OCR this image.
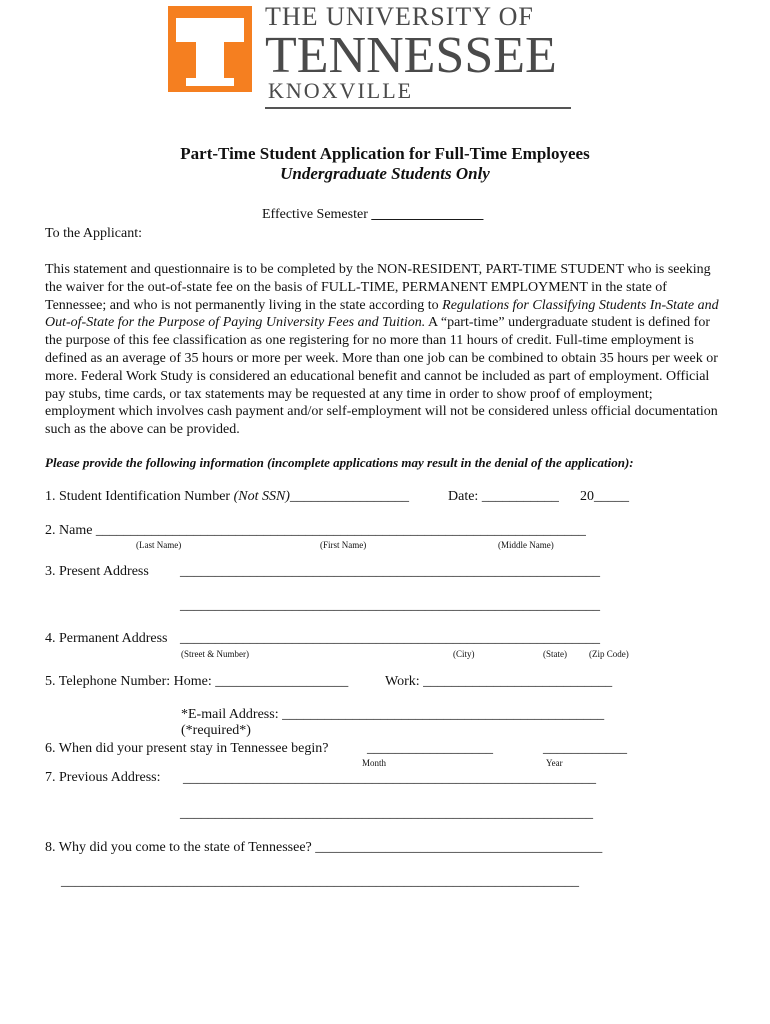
THE UNIVERSITY OF
TENNESSEE
KNOXVILLE
Part-Time Student Application for Full-Time Employees
Undergraduate Students Only
Effective Semester ________________
To the Applicant:
This statement and questionnaire is to be completed by the NON-RESIDENT, PART-TIME STUDENT who is seeking the waiver for the out-of-state fee on the basis of FULL-TIME, PERMANENT EMPLOYMENT in the state of Tennessee; and who is not permanently living in the state according to Regulations for Classifying Students In-State and Out-of-State for the Purpose of Paying University Fees and Tuition. A “part-time” undergraduate student is defined for the purpose of this fee classification as one registering for no more than 11 hours of credit. Full-time employment is defined as an average of 35 hours or more per week. More than one job can be combined to obtain 35 hours per week or more. Federal Work Study is considered an educational benefit and cannot be included as part of employment. Official pay stubs, time cards, or tax statements may be requested at any time in order to show proof of employment; employment which involves cash payment and/or self-employment will not be considered unless official documentation such as the above can be provided.
Please provide the following information (incomplete applications may result in the denial of the application):
1. Student Identification Number (Not SSN)_________________	Date: ___________ 20_____
2. Name ______________________________________________________________________
(Last Name)	(First Name)	(Middle Name)
3. Present Address ____________________________________________________________
____________________________________________________________
4. Permanent Address ____________________________________________________________
(Street & Number)	(City)	(State) (Zip Code)
5. Telephone Number: Home: ___________________	Work: ___________________________
*E-mail Address: ______________________________________________
(*required*)
6. When did your present stay in Tennessee begin?	__________________	____________
Month	Year
7. Previous Address: ___________________________________________________________
___________________________________________________________
8. Why did you come to the state of Tennessee? _________________________________________
__________________________________________________________________________
